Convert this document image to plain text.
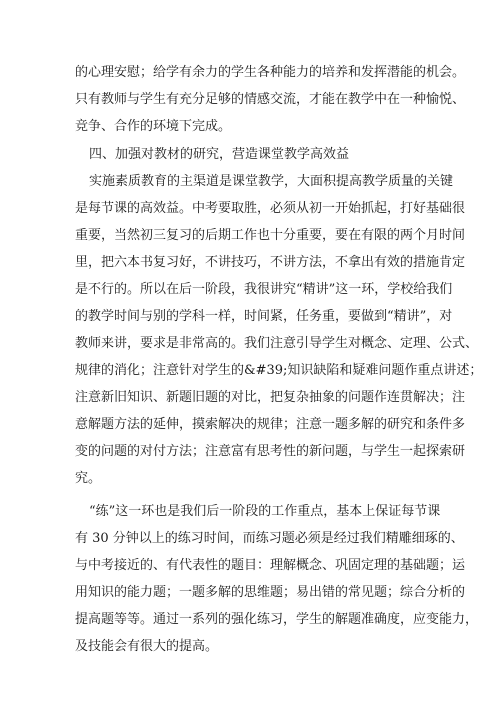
的心理安慰；给学有余力的学生各种能力的培养和发挥潜能的机会。
只有教师与学生有充分足够的情感交流，才能在教学中在一种愉悦、
竞争、合作的环境下完成。
四、加强对教材的研究，营造课堂教学高效益
实施素质教育的主渠道是课堂教学，大面积提高教学质量的关键
是每节课的高效益。中考要取胜，必须从初一开始抓起，打好基础很
重要，当然初三复习的后期工作也十分重要，要在有限的两个月时间
里，把六本书复习好，不讲技巧，不讲方法，不拿出有效的措施肯定
是不行的。所以在后一阶段，我很讲究“精讲”这一环，学校给我们
的教学时间与别的学科一样，时间紧，任务重，要做到“精讲”，对
教师来讲，要求是非常高的。我们注意引导学生对概念、定理、公式、
规律的消化；注意针对学生的&#39;知识缺陷和疑难问题作重点讲述；
注意新旧知识、新题旧题的对比，把复杂抽象的问题作连贯解决；注
意解题方法的延伸，摸索解决的规律；注意一题多解的研究和条件多
变的问题的对付方法；注意富有思考性的新问题，与学生一起探索研
究。
“练”这一环也是我们后一阶段的工作重点，基本上保证每节课
有 30 分钟以上的练习时间，而练习题必须是经过我们精雕细琢的、
与中考接近的、有代表性的题目：理解概念、巩固定理的基础题；运
用知识的能力题；一题多解的思维题；易出错的常见题；综合分析的
提高题等等。通过一系列的强化练习，学生的解题准确度，应变能力，
及技能会有很大的提高。
